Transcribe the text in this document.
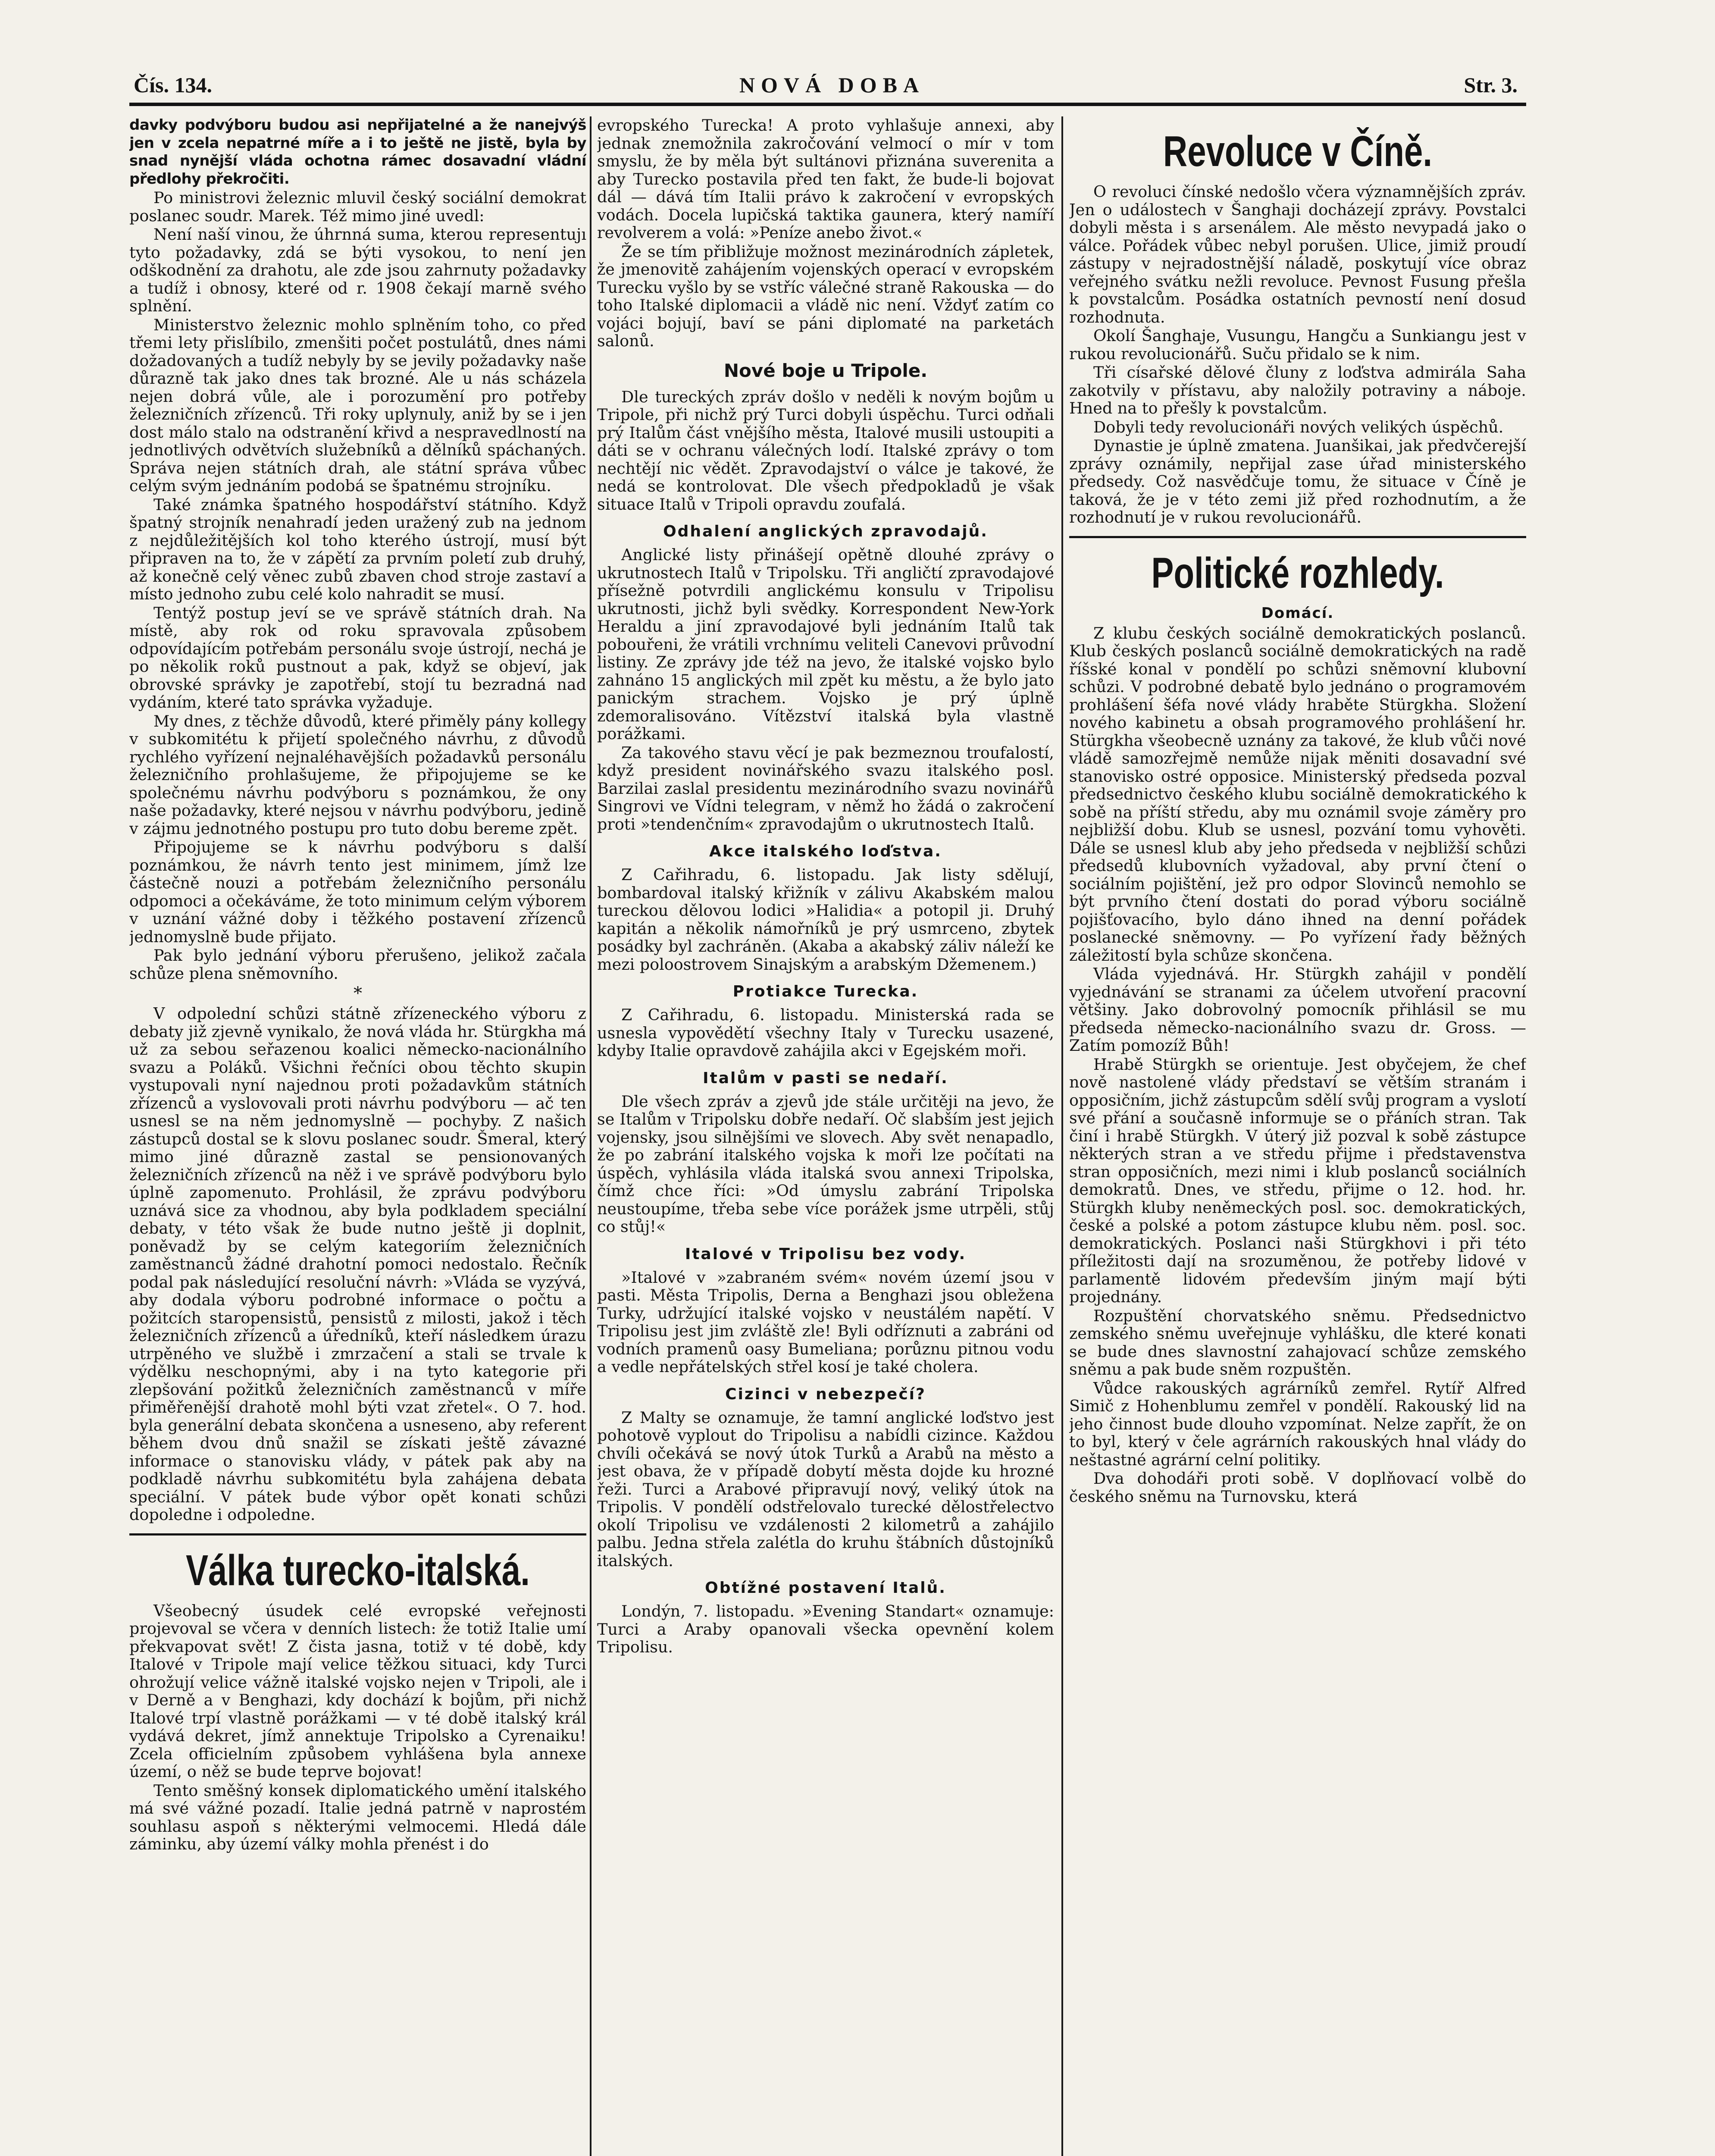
Čís. 134.	NOVÁ DOBA	Str. 3.

davky podvýboru budou asi nepřijatelné a že nanejvýš jen v zcela nepatrné míře a i to ještě ne jistě, byla by snad nynější vláda ochotna rámec dosavadní vládní předlohy překročiti.

Po ministrovi železnic mluvil český sociální demokrat poslanec soudr. Marek. Též mimo jiné uvedl:

Není naší vinou, že úhrnná suma, kterou representujı tyto požadavky, zdá se býti vysokou, to není jen odškodnění za drahotu, ale zde jsou zahrnuty požadavky a tudíž i obnosy, které od r. 1908 čekají marně svého splnění.

Ministerstvo železnic mohlo splněním toho, co před třemi lety přislíbilo, zmenšiti počet postulátů, dnes námi dožadovaných a tudíž nebyly by se jevily požadavky naše důrazně tak jako dnes tak brozné. Ale u nás scházela nejen dobrá vůle, ale i porozumění pro potřeby železničních zřízenců. Tři roky uplynuly, aniž by se i jen dost málo stalo na odstranění křivd a nespravedlností na jednotlivých odvětvích služebníků a dělníků spáchaných. Správa nejen státních drah, ale státní správa vůbec celým svým jednáním podobá se špatnému strojníku.

Také známka špatného hospodářství státního. Když špatný strojník nenahradí jeden uražený zub na jednom z nejdůležitějších kol toho kterého ústrojí, musí být připraven na to, že v zápětí za prvním poletí zub druhý, až konečně celý věnec zubů zbaven chod stroje zastaví a místo jednoho zubu celé kolo nahradit se musí.

Tentýž postup jeví se ve správě státních drah. Na místě, aby rok od roku spravovala způsobem odpovídajícím potřebám personálu svoje ústrojí, nechá je po několik roků pustnout a pak, když se objeví, jak obrovské správky je zapotřebí, stojí tu bezradná nad vydáním, které tato správka vyžaduje.

My dnes, z těchže důvodů, které přiměly pány kollegy v subkomitétu k přijetí společného návrhu, z důvodů rychlého vyřízení nejnaléhavějších požadavků personálu železničního prohlašujeme, že připojujeme se ke společnému návrhu podvýboru s poznámkou, že ony naše požadavky, které nejsou v návrhu podvýboru, jedině v zájmu jednotného postupu pro tuto dobu bereme zpět.

Připojujeme se k návrhu podvýboru s další poznámkou, že návrh tento jest minimem, jímž lze částečně nouzi a potřebám železničního personálu odpomoci a očekáváme, že toto minimum celým výborem v uznání vážné doby i těžkého postavení zřízenců jednomyslně bude přijato.

Pak bylo jednání výboru přerušeno, jelikož začala schůze plena sněmovního.

*

V odpolední schůzi státně zřízeneckého výboru z debaty již zjevně vynikalo, že nová vláda hr. Stürgkha má už za sebou seřazenou koalici německo-nacionálního svazu a Poláků. Všichni řečníci obou těchto skupin vystupovali nyní najednou proti požadavkům státních zřízenců a vyslovovali proti návrhu podvýboru — ač ten usnesl se na něm jednomyslně — pochyby. Z našich zástupců dostal se k slovu poslanec soudr. Šmeral, který mimo jiné důrazně zastal se pensionovaných železničních zřízenců na něž i ve správě podvýboru bylo úplně zapomenuto. Prohlásil, že zprávu podvýboru uznává sice za vhodnou, aby byla podkladem speciální debaty, v této však že bude nutno ještě ji doplnit, poněvadž by se celým kategoriím železničních zaměstnanců žádné drahotní pomoci nedostalo. Řečník podal pak následující resoluční návrh: »Vláda se vyzývá, aby dodala výboru podrobné informace o počtu a požitcích staropensistů, pensistů z milosti, jakož i těch železničních zřízenců a úředníků, kteří následkem úrazu utrpěného ve službě i zmrzačení a stali se trvale k výdělku neschopnými, aby i na tyto kategorie při zlepšování požitků železničních zaměstnanců v míře přiměřenější drahotě mohl býti vzat zřetel«. O 7. hod. byla generální debata skončena a usneseno, aby referent během dvou dnů snažil se získati ještě závazné informace o stanovisku vlády, v pátek pak aby na podkladě návrhu subkomitétu byla zahájena debata speciální. V pátek bude výbor opět konati schůzi dopoledne i odpoledne.

Válka turecko-italská.

Všeobecný úsudek celé evropské veřejnosti projevoval se včera v denních listech: že totiž Italie umí překvapovat svět! Z čista jasna, totiž v té době, kdy Italové v Tripole mají velice těžkou situaci, kdy Turci ohrožují velice vážně italské vojsko nejen v Tripoli, ale i v Derně a v Benghazi, kdy dochází k bojům, při nichž Italové trpí vlastně porážkami — v té době italský král vydává dekret, jímž annektuje Tripolsko a Cyrenaiku! Zcela officielním způsobem vyhlášena byla annexe území, o něž se bude teprve bojovat!

Tento směšný konsek diplomatického umění italského má své vážné pozadí. Italie jedná patrně v naprostém souhlasu aspoň s některými velmocemi. Hledá dále záminku, aby území války mohla přenést i do

evropského Turecka! A proto vyhlašuje annexi, aby jednak znemožnila zakročování velmocí o mír v tom smyslu, že by měla být sultánovi přiznána suverenita a aby Turecko postavila před ten fakt, že bude-li bojovat dál — dává tím Italii právo k zakročení v evropských vodách. Docela lupičská taktika gaunera, který namíří revolverem a volá: »Peníze anebo život.«

Že se tím přibližuje možnost mezinárodních zápletek, že jmenovitě zahájením vojenských operací v evropském Turecku vyšlo by se vstříc válečné straně Rakouska — do toho Italské diplomacii a vládě nic není. Vždyť zatím co vojáci bojují, baví se páni diplomaté na parketách salonů.

Nové boje u Tripole.

Dle tureckých zpráv došlo v neděli k novým bojům u Tripole, při nichž prý Turci dobyli úspěchu. Turci odňali prý Italům část vnějšího města, Italové musili ustoupiti a dáti se v ochranu válečných lodí. Italské zprávy o tom nechtějí nic vědět. Zpravodajství o válce je takové, že nedá se kontrolovat. Dle všech předpokladů je však situace Italů v Tripoli opravdu zoufalá.

Odhalení anglických zpravodajů.

Anglické listy přinášejí opětně dlouhé zprávy o ukrutnostech Italů v Tripolsku. Tři angličtí zpravodajové přísežně potvrdili anglickému konsulu v Tripolisu ukrutnosti, jichž byli svědky. Korrespondent New-York Heraldu a jiní zpravodajové byli jednáním Italů tak pobouřeni, že vrátili vrchnímu veliteli Canevovi průvodní listiny. Ze zprávy jde též na jevo, že italské vojsko bylo zahnáno 15 anglických mil zpět ku městu, a že bylo jato panickým strachem. Vojsko je prý úplně zdemoralisováno. Vítězství italská byla vlastně porážkami.

Za takového stavu věcí je pak bezmeznou troufalostí, když president novinářského svazu italského posl. Barzilai zaslal presidentu mezinárodního svazu novinářů Singrovi ve Vídni telegram, v němž ho žádá o zakročení proti »tendenčním« zpravodajům o ukrutnostech Italů.

Akce italského loďstva.

Z Cařihradu, 6. listopadu. Jak listy sdělují, bombardoval italský křižník v zálivu Akabském malou tureckou dělovou lodici »Halidia« a potopil ji. Druhý kapitán a několik námořníků je prý usmrceno, zbytek posádky byl zachráněn. (Akaba a akabský záliv náleží ke mezi poloostrovem Sinajským a arabským Džemenem.)

Protiakce Turecka.

Z Cařihradu, 6. listopadu. Ministerská rada se usnesla vypovědětí všechny Italy v Turecku usazené, kdyby Italie opravdově zahájila akci v Egejském moři.

Italům v pasti se nedaří.

Dle všech zpráv a zjevů jde stále určitěji na jevo, že se Italům v Tripolsku dobře nedaří. Oč slabším jest jejich vojensky, jsou silnějšími ve slovech. Aby svět nenapadlo, že po zabrání italského vojska k moři lze počítati na úspěch, vyhlásila vláda italská svou annexi Tripolska, čímž chce říci: »Od úmyslu zabrání Tripolska neustoupíme, třeba sebe více porážek jsme utrpěli, stůj co stůj!«

Italové v Tripolisu bez vody.

»Italové v »zabraném svém« novém území jsou v pasti. Města Tripolis, Derna a Benghazi jsou obležena Turky, udržující italské vojsko v neustálém napětí. V Tripolisu jest jim zvláště zle! Byli odříznuti a zabráni od vodních pramenů oasy Bumeliana; porůznu pitnou vodu a vedle nepřátelských střel kosí je také cholera.

Cizinci v nebezpečí?

Z Malty se oznamuje, že tamní anglické loďstvo jest pohotově vyplout do Tripolisu a nabídli cizince. Každou chvíli očekává se nový útok Turků a Arabů na město a jest obava, že v případě dobytí města dojde ku hrozné řeži. Turci a Arabové připravují nový, veliký útok na Tripolis. V pondělí odstřelovalo turecké dělostřelectvo okolí Tripolisu ve vzdálenosti 2 kilometrů a zahájilo palbu. Jedna střela zalétla do kruhu štábních důstojníků italských.

Obtížné postavení Italů.

Londýn, 7. listopadu. »Evening Standart« oznamuje: Turci a Araby opanovali všecka opevnění kolem Tripolisu.

Revoluce v Číně.

O revoluci čínské nedošlo včera významnějších zpráv. Jen o událostech v Šanghaji docházejí zprávy. Povstalci dobyli města i s arsenálem. Ale město nevypadá jako o válce. Pořádek vůbec nebyl porušen. Ulice, jimiž proudí zástupy v nejradostnější náladě, poskytují více obraz veřejného svátku nežli revoluce. Pevnost Fusung přešla k povstalcům. Posádka ostatních pevností není dosud rozhodnuta.

Okolí Šanghaje, Vusungu, Hangču a Sunkiangu jest v rukou revolucionářů. Suču přidalo se k nim.

Tři císařské dělové čluny z loďstva admirála Saha zakotvily v přístavu, aby naložily potraviny a náboje. Hned na to přešly k povstalcům.

Dobyli tedy revolucionáři nových velikých úspěchů.

Dynastie je úplně zmatena. Juanšikai, jak předvčerejší zprávy oznámily, nepřijal zase úřad ministerského předsedy. Což nasvědčuje tomu, že situace v Číně je taková, že je v této zemi již před rozhodnutím, a že rozhodnutí je v rukou revolucionářů.

Politické rozhledy.
Domácí.

Z klubu českých sociálně demokratických poslanců. Klub českých poslanců sociálně demokratických na radě říšské konal v pondělí po schůzi sněmovní klubovní schůzi. V podrobné debatě bylo jednáno o programovém prohlášení šéfa nové vlády hraběte Stürgkha. Složení nového kabinetu a obsah programového prohlášení hr. Stürgkha všeobecně uznány za takové, že klub vůči nové vládě samozřejmě nemůže nijak měniti dosavadní své stanovisko ostré opposice. Ministerský předseda pozval předsednictvo českého klubu sociálně demokratického k sobě na příští středu, aby mu oznámil svoje záměry pro nejbližší dobu. Klub se usnesl, pozvání tomu vyhověti. Dále se usnesl klub aby jeho předseda v nejbližší schůzi předsedů klubovních vyžadoval, aby první čtení o sociálním pojištění, jež pro odpor Slovinců nemohlo se být prvního čtení dostati do porad výboru sociálně pojišťovacího, bylo dáno ihned na denní pořádek poslanecké sněmovny. — Po vyřízení řady běžných záležitostí byla schůze skončena.

Vláda vyjednává. Hr. Stürgkh zahájil v pondělí vyjednávání se stranami za účelem utvoření pracovní většiny. Jako dobrovolný pomocník přihlásil se mu předseda německo-nacionálního svazu dr. Gross. — Zatím pomozíž Bůh!

Hrabě Stürgkh se orientuje. Jest obyčejem, že chef nově nastolené vlády představí se větším stranám i opposičním, jichž zástupcům sdělí svůj program a vyslotí své přání a současně informuje se o přáních stran. Tak činí i hrabě Stürgkh. V úterý již pozval k sobě zástupce některých stran a ve středu přijme i představenstva stran opposičních, mezi nimi i klub poslanců sociálních demokratů. Dnes, ve středu, přijme o 12. hod. hr. Stürgkh kluby neněmeckých posl. soc. demokratických, české a polské a potom zástupce klubu něm. posl. soc. demokratických. Poslanci naši Stürgkhovi i při této příležitosti dají na srozuměnou, že potřeby lidové v parlamentě lidovém především jiným mají býti projednány.

Rozpuštění chorvatského sněmu. Předsednictvo zemského sněmu uveřejnuje vyhlášku, dle které konati se bude dnes slavnostní zahajovací schůze zemského sněmu a pak bude sněm rozpuštěn.

Vůdce rakouských agrárníků zemřel. Rytíř Alfred Simič z Hohenblumu zemřel v pondělí. Rakouský lid na jeho činnost bude dlouho vzpomínat. Nelze zapřít, že on to byl, který v čele agrárních rakouských hnal vlády do neštastné agrární celní politiky.

Dva dohodáři proti sobě. V doplňovací volbě do českého sněmu na Turnovsku, která
